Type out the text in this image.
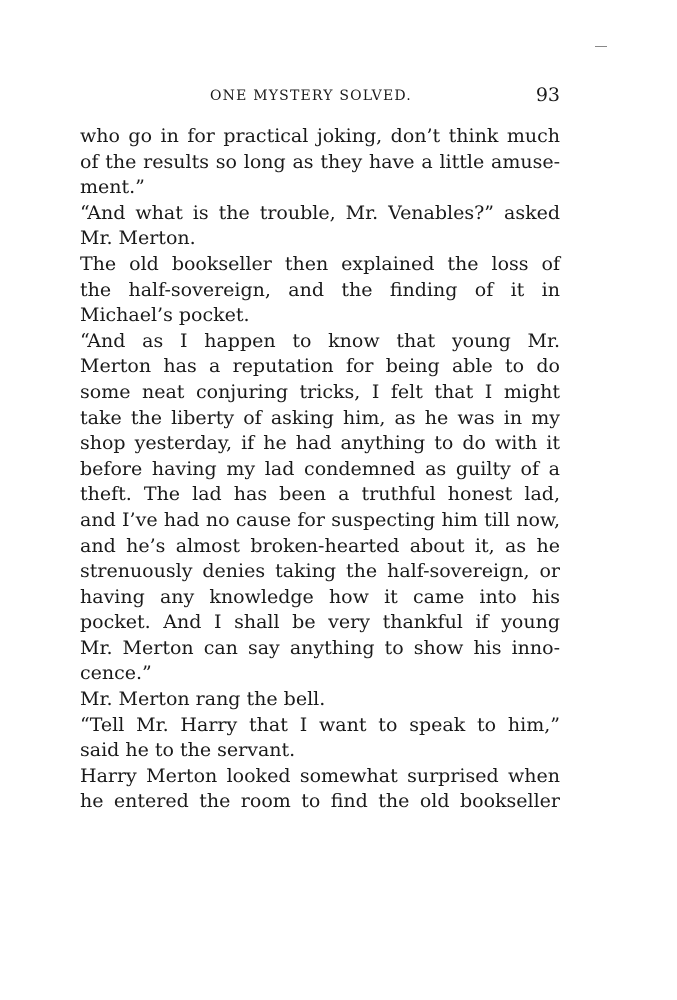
ONE MYSTERY SOLVED.	93
who go in for practical joking, don’t think much
of the results so long as they have a little amuse-
ment.”
“And what is the trouble, Mr. Venables?” asked
Mr. Merton.
The old bookseller then explained the loss of
the half-sovereign, and the finding of it in
Michael’s pocket.
“And as I happen to know that young Mr.
Merton has a reputation for being able to do
some neat conjuring tricks, I felt that I might
take the liberty of asking him, as he was in my
shop yesterday, if he had anything to do with it
before having my lad condemned as guilty of a
theft. The lad has been a truthful honest lad,
and I’ve had no cause for suspecting him till now,
and he’s almost broken-hearted about it, as he
strenuously denies taking the half-sovereign, or
having any knowledge how it came into his
pocket. And I shall be very thankful if young
Mr. Merton can say anything to show his inno-
cence.”
Mr. Merton rang the bell.
“Tell Mr. Harry that I want to speak to him,”
said he to the servant.
Harry Merton looked somewhat surprised when
he entered the room to find the old bookseller
